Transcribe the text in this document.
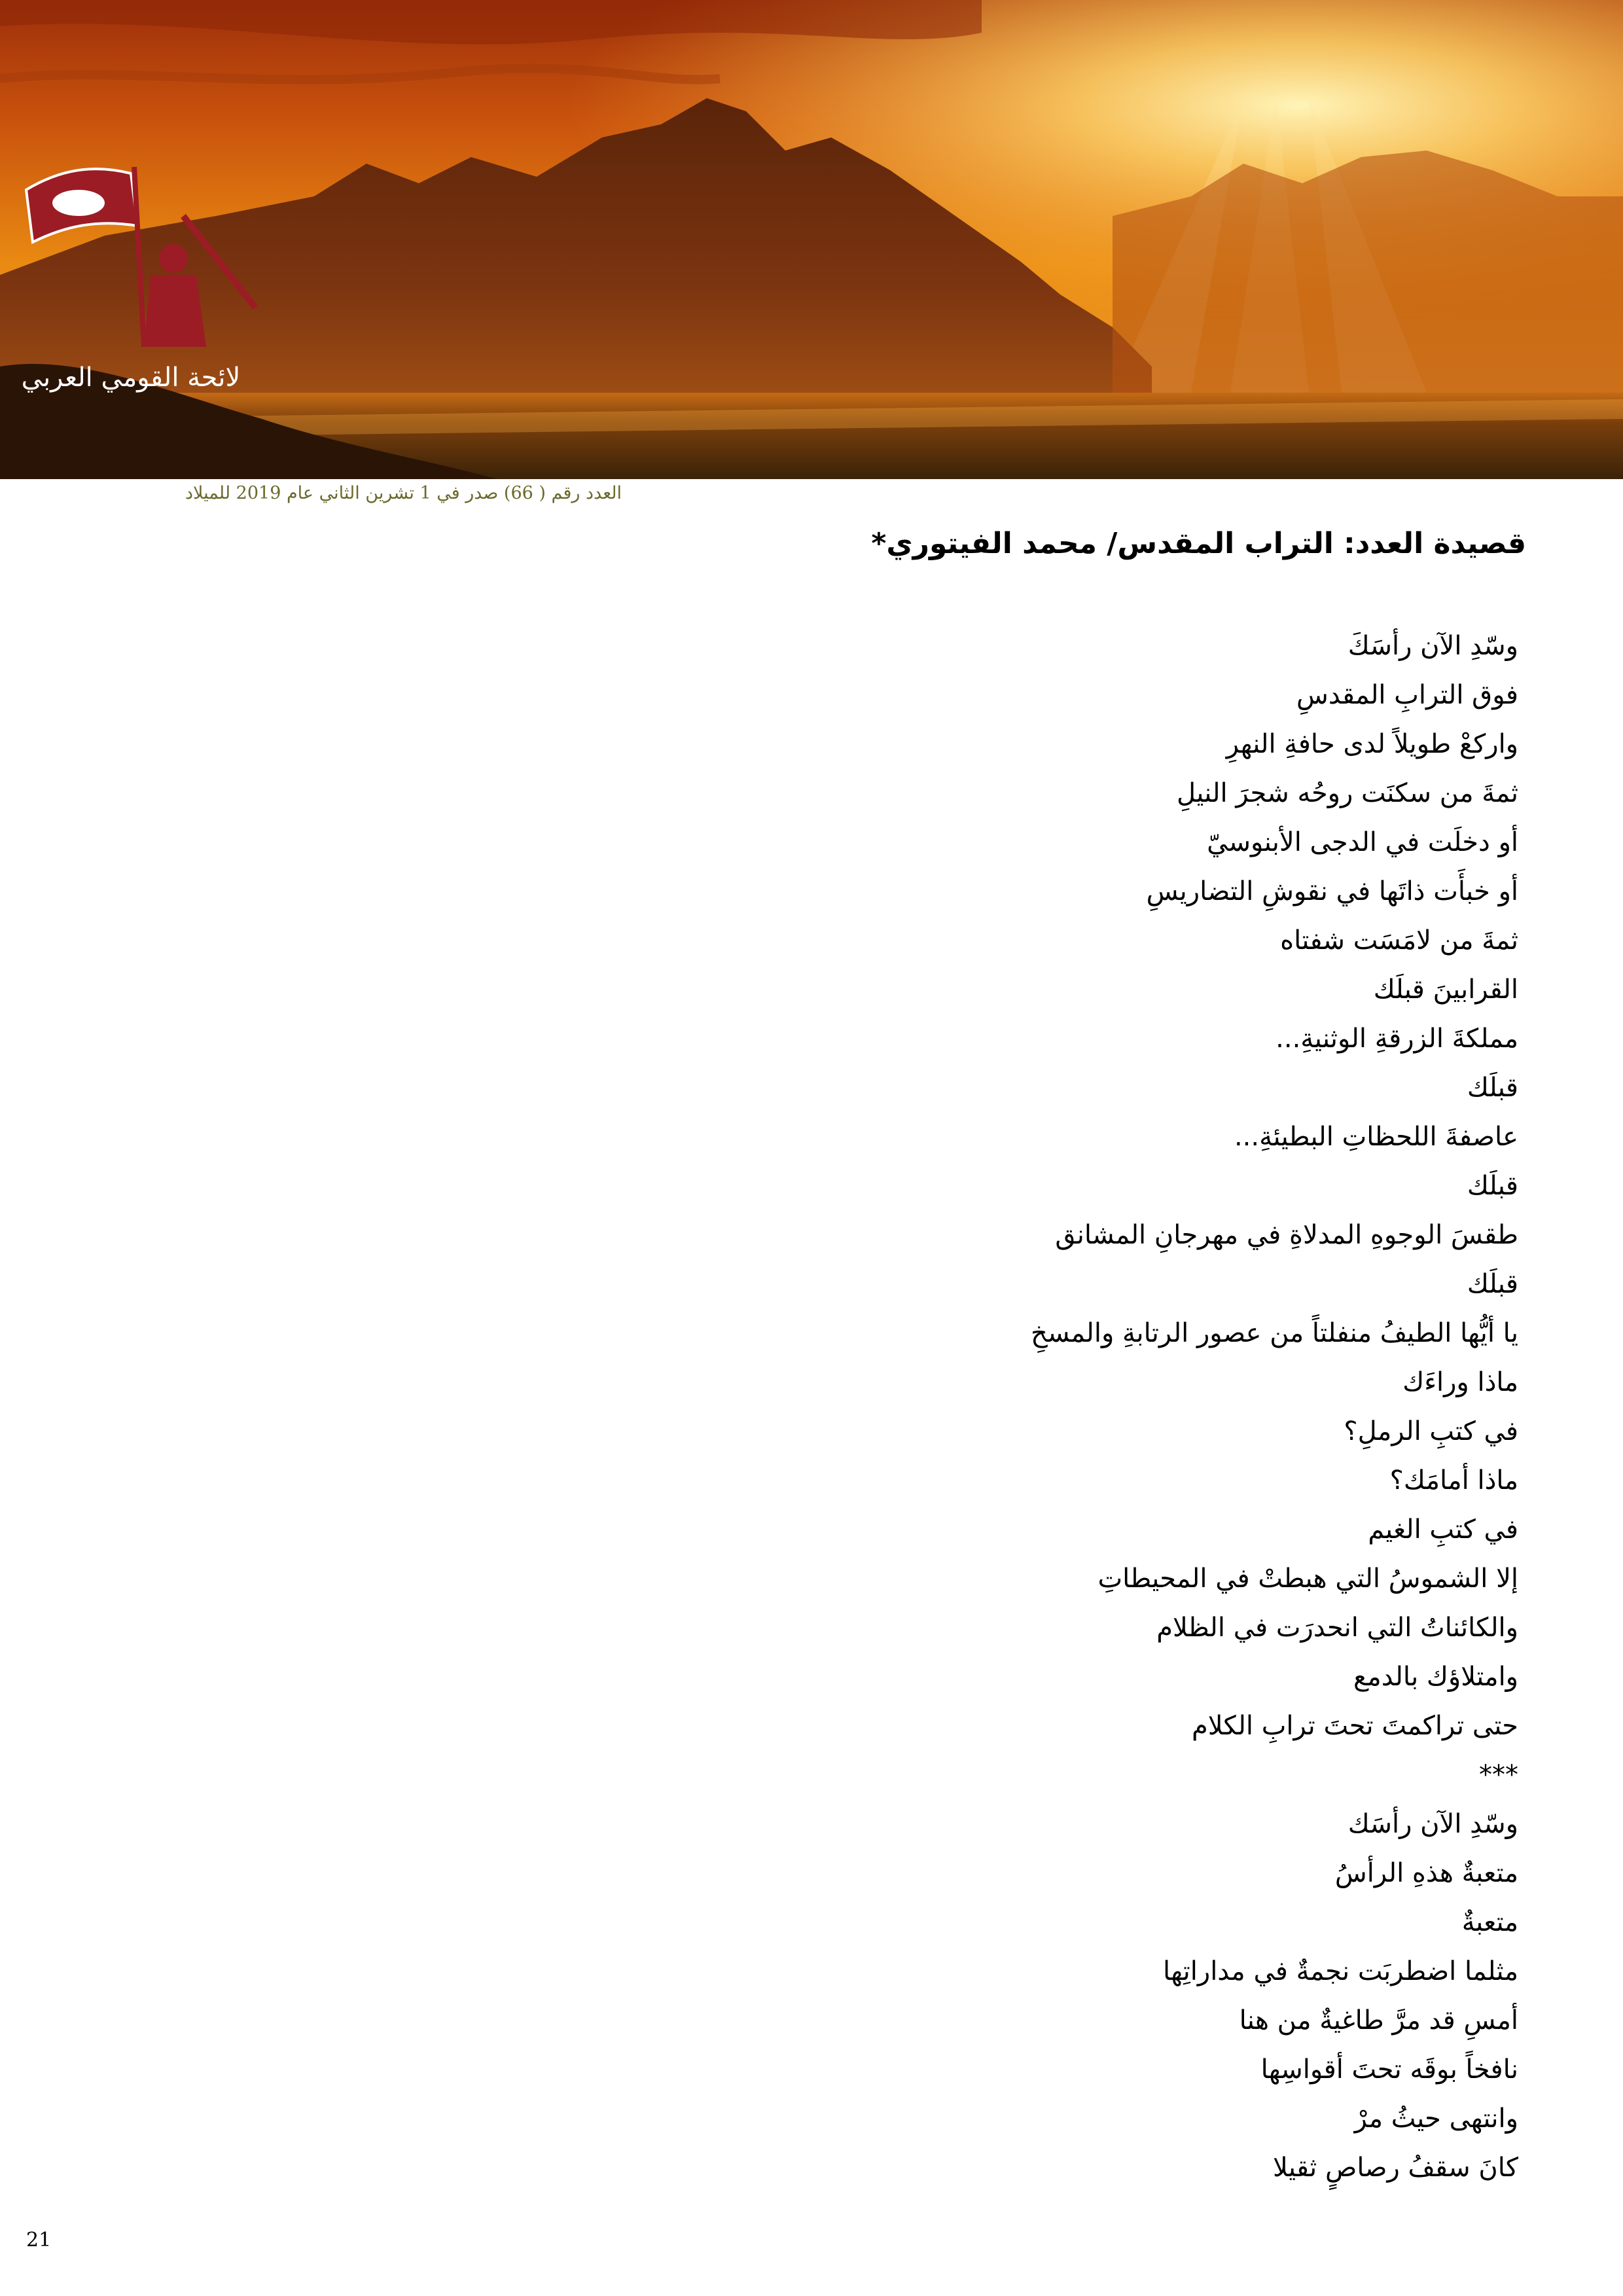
لائحة القومي العربي
العدد رقم ( 66) صدر في 1 تشرين الثاني عام 2019 للميلاد
قصيدة العدد: التراب المقدس/ محمد الفيتوري*
وسّدِ الآن رأسَكَ
فوق الترابِ المقدسِ
واركعْ طويلاً لدى حافةِ النهرِ
ثمةَ من سكنَت روحُه شجرَ النيلِ
أو دخلَت في الدجى الأبنوسيّ
أو خبأَت ذاتَها في نقوشِ التضاريسِ
ثمةَ من لامَسَت شفتاه
القرابينَ قبلَك
مملكةَ الزرقةِ الوثنيةِ...
قبلَك
عاصفةَ اللحظاتِ البطيئةِ...
قبلَك
طقسَ الوجوهِ المدلاةِ في مهرجانِ المشانق
قبلَك
يا أيُّها الطيفُ منفلتاً من عصور الرتابةِ والمسخِ
ماذا وراءَك
في كتبِ الرملِ؟
ماذا أمامَك؟
في كتبِ الغيم
إلا الشموسُ التي هبطتْ في المحيطاتِ
والكائناتُ التي انحدرَت في الظلام
وامتلاؤك بالدمع
حتى تراكمتَ تحتَ ترابِ الكلام
***
وسّدِ الآن رأسَك
متعبةٌ هذهِ الرأسُ
متعبةٌ
مثلما اضطربَت نجمةٌ في مداراتِها
أمسِ قد مرَّ طاغيةٌ من هنا
نافخاً بوقَه تحتَ أقواسِها
وانتهى حيثُ مرْ
كانَ سقفُ رصاصٍ ثقيلا
21
